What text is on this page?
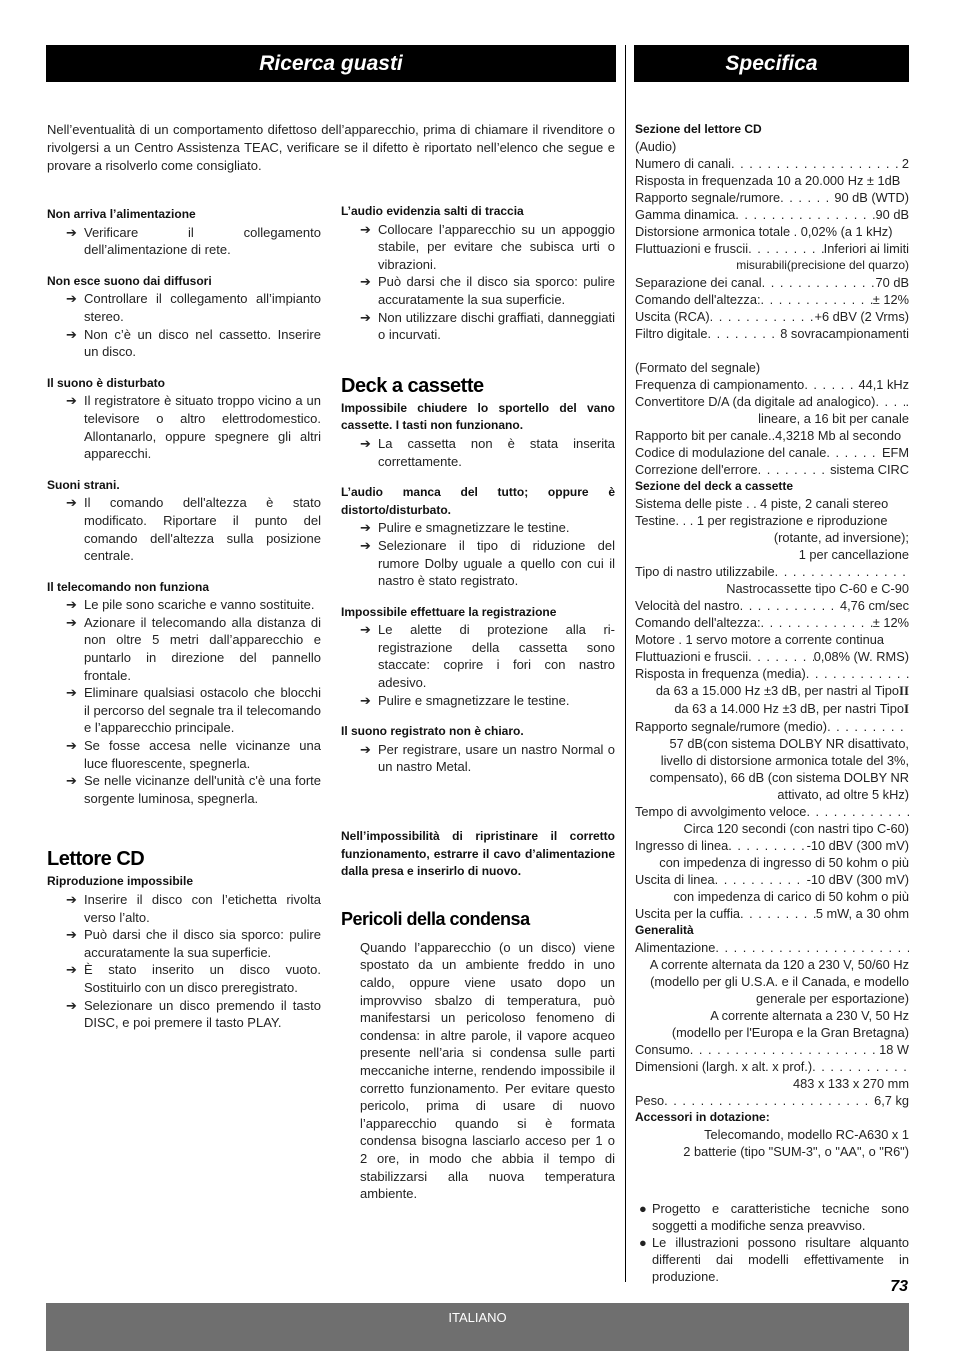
Ricerca guasti	Specifica
Nell’eventualità di un comportamento difettoso dell’apparecchio, prima di chiamare il rivenditore o rivolgersi a un Centro Assistenza TEAC, verificare se il difetto è riportato nell’elenco che segue e provare a risolverlo come consigliato.
Non arriva l’alimentazione
➔ Verificare il collegamento dell’alimentazione di rete.
Non esce suono dai diffusori
➔ Controllare il collegamento all’impianto stereo.
➔ Non c’è un disco nel cassetto. Inserire un disco.
Il suono è disturbato
➔ Il registratore è situato troppo vicino a un televisore o altro elettrodomestico. Allontanarlo, oppure spegnere gli altri apparecchi.
Suoni strani.
➔ Il comando dell'altezza è stato modificato. Riportare il punto del comando dell'altezza sulla posizione centrale.
Il telecomando non funziona
➔ Le pile sono scariche e vanno sostituite.
➔ Azionare il telecomando alla distanza di non oltre 5 metri dall’apparecchio e puntarlo in direzione del pannello frontale.
➔ Eliminare qualsiasi ostacolo che blocchi il percorso del segnale tra il telecomando e l’apparecchio principale.
➔ Se fosse accesa nelle vicinanze una luce fluorescente, spegnerla.
➔ Se nelle vicinanze dell'unità c'è una forte sorgente luminosa, spegnerla.
Lettore CD
Riproduzione impossibile
➔ Inserire il disco con l’etichetta rivolta verso l’alto.
➔ Può darsi che il disco sia sporco: pulire accuratamente la sua superficie.
➔ È stato inserito un disco vuoto. Sostituirlo con un disco preregistrato.
➔ Selezionare un disco premendo il tasto DISC, e poi premere il tasto PLAY.
L’audio evidenzia salti di traccia
➔ Collocare l’apparecchio su un appoggio stabile, per evitare che subisca urti o vibrazioni.
➔ Può darsi che il disco sia sporco: pulire accuratamente la sua superficie.
➔ Non utilizzare dischi graffiati, danneggiati o incurvati.
Deck a cassette
Impossibile chiudere lo sportello del vano cassette. I tasti non funzionano.
➔ La cassetta non è stata inserita correttamente.
L’audio manca del tutto; oppure è distorto/disturbato.
➔ Pulire e smagnetizzare le testine.
➔ Selezionare il tipo di riduzione del rumore Dolby uguale a quello con cui il nastro è stato registrato.
Impossibile effettuare la registrazione
➔ Le alette di protezione alla ri-registrazione della cassetta sono staccate: coprire i fori con nastro adesivo.
➔ Pulire e smagnetizzare le testine.
Il suono registrato non è chiaro.
➔ Per registrare, usare un nastro Normal o un nastro Metal.
Nell’impossibilità di ripristinare il corretto funzionamento, estrarre il cavo d’alimentazione dalla presa e inserirlo di nuovo.
Pericoli della condensa
Quando l’apparecchio (o un disco) viene spostato da un ambiente freddo in uno caldo, oppure viene usato dopo un improvviso sbalzo di temperatura, può manifestarsi un pericoloso fenomeno di condensa: in altre parole, il vapore acqueo presente nell’aria si condensa sulle parti meccaniche interne, rendendo impossibile il corretto funzionamento. Per evitare questo pericolo, prima di usare di nuovo l’apparecchio quando si è formata condensa bisogna lasciarlo acceso per 1 o 2 ore, in modo che abbia il tempo di stabilizzarsi alla nuova temperatura ambiente.
Sezione del lettore CD
(Audio)
Numero di canali . . .	2
Risposta in frequenzada 10 a 20.000 Hz ± 1dB
Rapporto segnale/rumore . . .	90 dB (WTD)
Gamma dinamica . . .	90 dB
Distorsione armonica totale . 0,02% (a 1 kHz)
Fluttuazioni e fruscii . . .	Inferiori ai limiti
misurabili(precisione del quarzo)
Separazione dei canal . . .	70 dB
Comando dell'altezza: . . .	± 12%
Uscita (RCA) . . .	+6 dBV (2 Vrms)
Filtro digitale . . .	8 sovracampionamenti
(Formato del segnale)
Frequenza di campionamento . . .	44,1 kHz
Convertitore D/A (da digitale ad analogico) . . . .
lineare, a 16 bit per canale
Rapporto bit per canale..4,3218 Mb al secondo
Codice di modulazione del canale . . .	EFM
Correzione dell'errore . . .	sistema CIRC
Sezione del deck a cassette
Sistema delle piste . . 4 piste, 2 canali stereo
Testine. . . 1 per registrazione e riproduzione
(rotante, ad inversione);
1 per cancellazione
Tipo di nastro utilizzabile
. . .
Nastrocassette tipo C-60 e C-90
Velocità del nastro . . .	4,76 cm/sec
Comando dell'altezza: . . .	± 12%
Motore . 1 servo motore a corrente continua
Fluttuazioni e fruscii . . .	0,08% (W. RMS)
Risposta in frequenza (media)
. . .
da 63 a 15.000 Hz ±3 dB, per nastri al TipoII
da 63 a 14.000 Hz ±3 dB, per nastri TipoI
Rapporto segnale/rumore (medio)
. . .
57 dB(con sistema DOLBY NR disattivato,
livello di distorsione armonica totale del 3%,
compensato), 66 dB (con sistema DOLBY NR
attivato, ad oltre 5 kHz)
Tempo di avvolgimento veloce
. . .
Circa 120 secondi (con nastri tipo C-60)
Ingresso di linea . . .	-10 dBV (300 mV)
con impedenza di ingresso di 50 kohm o più
Uscita di linea . . .	-10 dBV (300 mV)
con impedenza di carico di 50 kohm o più
Uscita per la cuffia . . .	5 mW, a 30 ohm
Generalità
Alimentazione
. . .
A corrente alternata da 120 a 230 V, 50/60 Hz
(modello per gli U.S.A. e il Canada, e modello
generale per esportazione)
A corrente alternata a 230 V, 50 Hz
(modello per l'Europa e la Gran Bretagna)
Consumo . . .	18 W
Dimensioni (largh. x alt. x prof.)
. . .
483 x 133 x 270 mm
Peso . . .	6,7 kg
Accessori in dotazione:
Telecomando, modello RC-A630 x 1
2 batterie (tipo "SUM-3", o "AA", o "R6")
● Progetto e caratteristiche tecniche sono soggetti a modifiche senza preavviso.
● Le illustrazioni possono risultare alquanto differenti dai modelli effettivamente in produzione.
73
ITALIANO
